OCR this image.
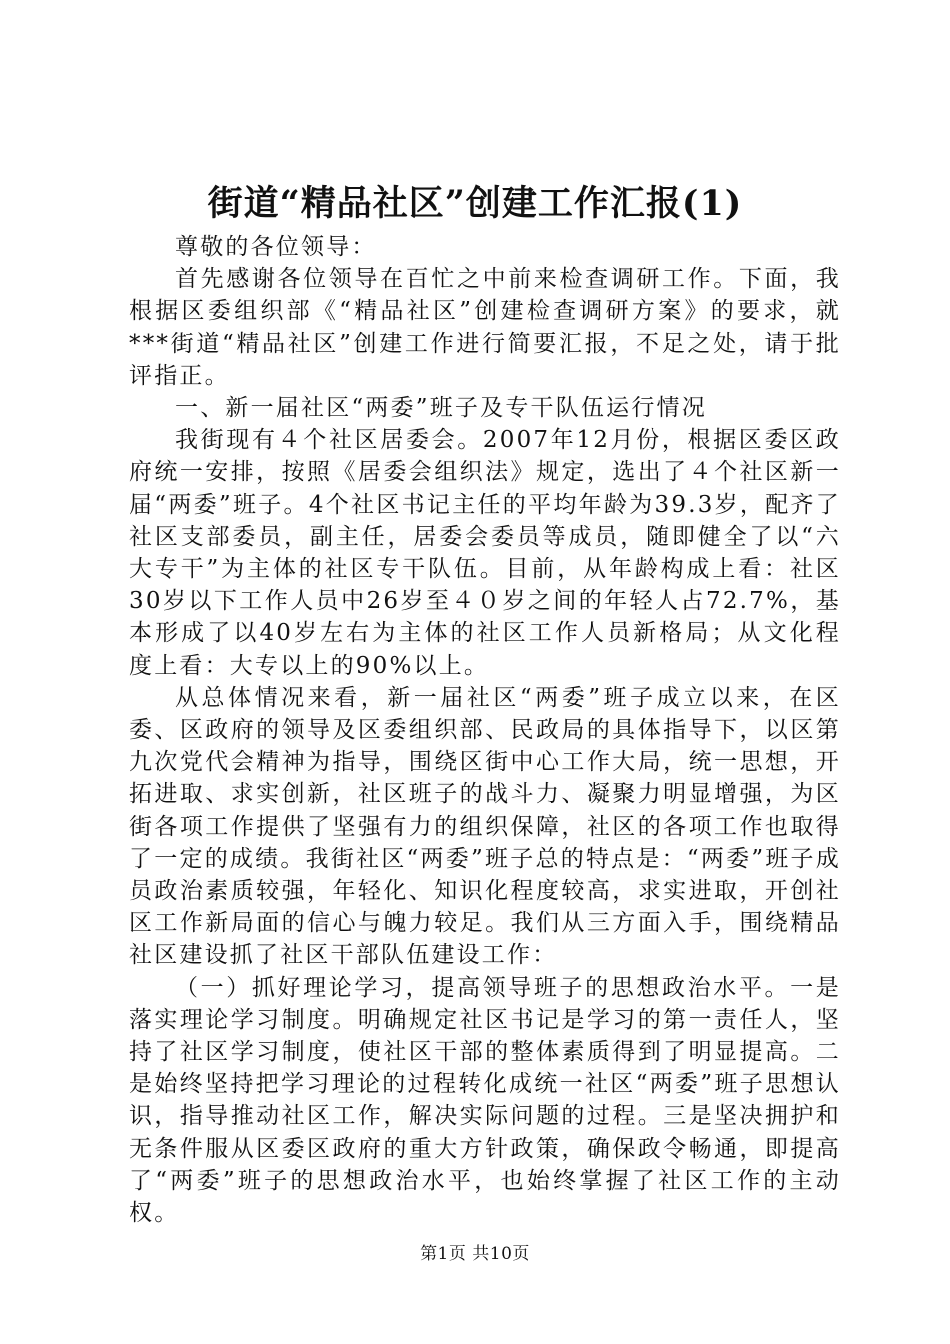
街道“精品社区”创建工作汇报(1)

尊敬的各位领导：

首先感谢各位领导在百忙之中前来检查调研工作。下面，我根据区委组织部《“精品社区”创建检查调研方案》的要求，就***街道“精品社区”创建工作进行简要汇报，不足之处，请于批评指正。

一、新一届社区“两委”班子及专干队伍运行情况

我街现有４个社区居委会。2007年12月份，根据区委区政府统一安排，按照《居委会组织法》规定，选出了４个社区新一届“两委”班子。4个社区书记主任的平均年龄为39.3岁，配齐了社区支部委员，副主任，居委会委员等成员，随即健全了以“六大专干”为主体的社区专干队伍。目前，从年龄构成上看：社区30岁以下工作人员中26岁至４０岁之间的年轻人占72.7%，基本形成了以40岁左右为主体的社区工作人员新格局；从文化程度上看：大专以上的90%以上。

从总体情况来看，新一届社区“两委”班子成立以来，在区委、区政府的领导及区委组织部、民政局的具体指导下，以区第九次党代会精神为指导，围绕区街中心工作大局，统一思想，开拓进取、求实创新，社区班子的战斗力、凝聚力明显增强，为区街各项工作提供了坚强有力的组织保障，社区的各项工作也取得了一定的成绩。我街社区“两委”班子总的特点是：“两委”班子成员政治素质较强，年轻化、知识化程度较高，求实进取，开创社区工作新局面的信心与魄力较足。我们从三方面入手，围绕精品社区建设抓了社区干部队伍建设工作：

（一）抓好理论学习，提高领导班子的思想政治水平。一是落实理论学习制度。明确规定社区书记是学习的第一责任人，坚持了社区学习制度，使社区干部的整体素质得到了明显提高。二是始终坚持把学习理论的过程转化成统一社区“两委”班子思想认识，指导推动社区工作，解决实际问题的过程。三是坚决拥护和无条件服从区委区政府的重大方针政策，确保政令畅通，即提高了“两委”班子的思想政治水平，也始终掌握了社区工作的主动权。

第1页 共10页
